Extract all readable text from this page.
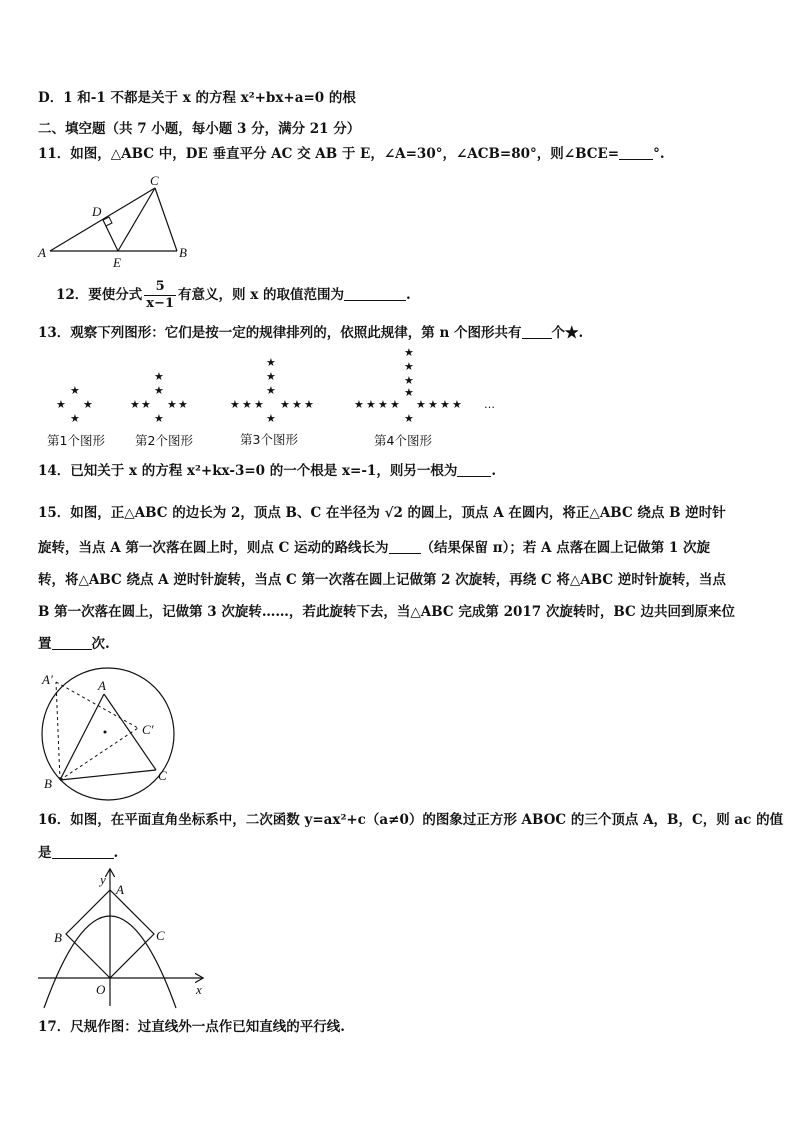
D．1 和-1 不都是关于 x 的方程 x²+bx+a=0 的根
二、填空题（共 7 小题，每小题 3 分，满分 21 分）
11．如图，△ABC 中，DE 垂直平分 AC 交 AB 于 E，∠A=30°，∠ACB=80°，则∠BCE=	°.
A	B
C
D
E
12．要使分式 $\frac{5}{x-1}$ 有意义，则 x 的取值范围为	.
13．观察下列图形：它们是按一定的规律排列的，依照此规律，第 n 个图形共有 个★.
★
★ ★
★
★
★
★ ★ ★ ★
★
★
★
★
★ ★ ★ ★ ★ ★
★
★
★
★
★
★ ★ ★ ★ ★ ★ ★ ★
★
…
第1个图形 第2个图形	第3个图形	第4个图形
14．已知关于 x 的方程 x²+kx-3=0 的一个根是 x=-1，则另一根为	.
15．如图，正△ABC 的边长为 2，顶点 B、C 在半径为 √2 的圆上，顶点 A 在圆内，将正△ABC 绕点 B 逆时针
旋转，当点 A 第一次落在圆上时，则点 C 运动的路线长为 （结果保留 π）；若 A 点落在圆上记做第 1 次旋
转，将△ABC 绕点 A 逆时针旋转，当点 C 第一次落在圆上记做第 2 次旋转，再绕 C 将△ABC 逆时针旋转，当点
B 第一次落在圆上，记做第 3 次旋转……，若此旋转下去，当△ABC 完成第 2017 次旋转时，BC 边共回到原来位
置	次.
A
A′
B
C
C′
16．如图，在平面直角坐标系中，二次函数 y=ax²+c（a≠0）的图象过正方形 ABOC 的三个顶点 A，B，C，则 ac 的值
是	.
y
x
A
B	C
O
17．尺规作图：过直线外一点作已知直线的平行线.
